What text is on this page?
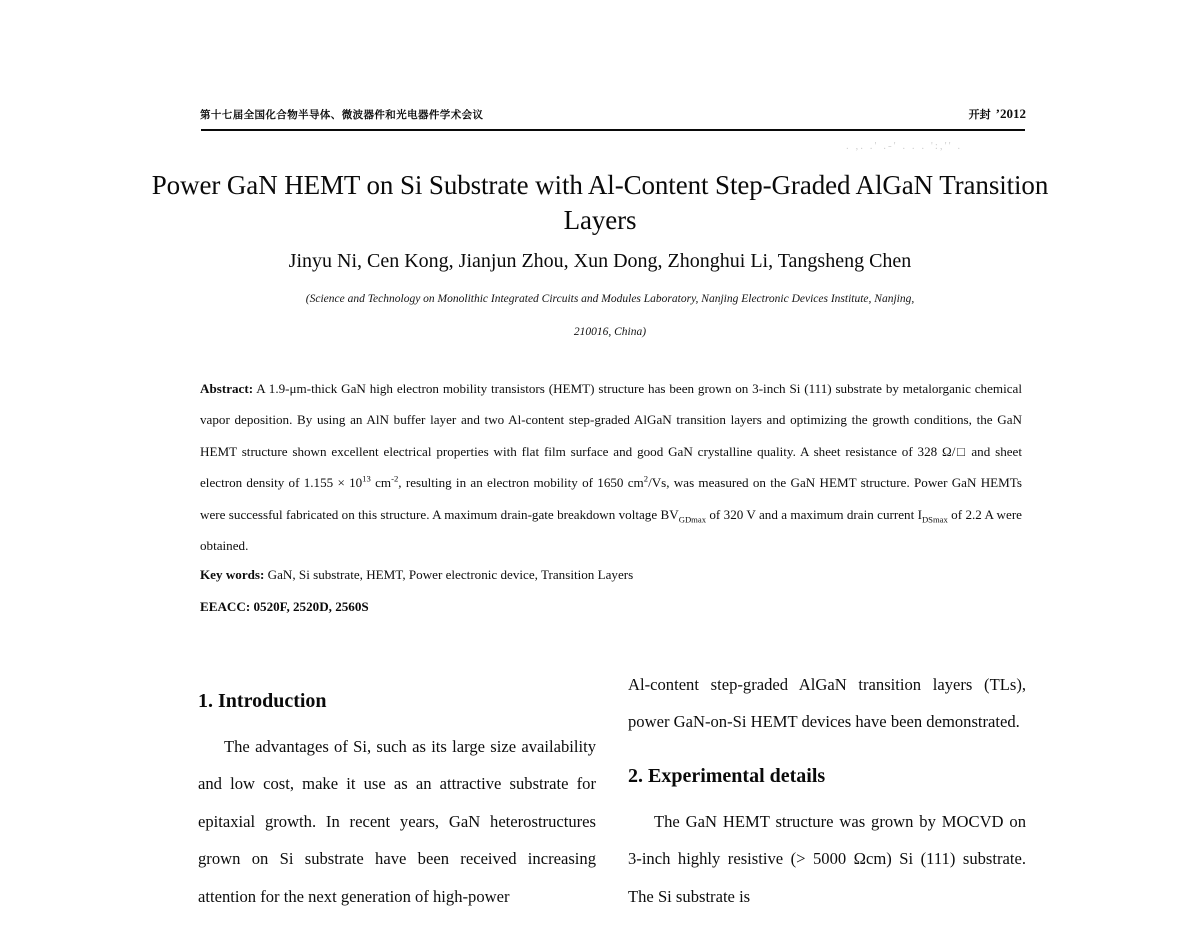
第十七届全国化合物半导体、微波器件和光电器件学术会议	开封 ’2012
. ,. .' .-' . . . ':,'' .
Power GaN HEMT on Si Substrate with Al-Content Step-Graded AlGaN Transition Layers
Jinyu Ni, Cen Kong, Jianjun Zhou, Xun Dong, Zhonghui Li, Tangsheng Chen
(Science and Technology on Monolithic Integrated Circuits and Modules Laboratory, Nanjing Electronic Devices Institute, Nanjing,
210016, China)
Abstract: A 1.9-μm-thick GaN high electron mobility transistors (HEMT) structure has been grown on 3-inch Si (111) substrate by metalorganic chemical vapor deposition. By using an AlN buffer layer and two Al-content step-graded AlGaN transition layers and optimizing the growth conditions, the GaN HEMT structure shown excellent electrical properties with flat film surface and good GaN crystalline quality. A sheet resistance of 328 Ω/□ and sheet electron density of $1.155 \times 10^{13}$ $cm^{-2}$, resulting in an electron mobility of 1650 $cm^2/Vs$, was measured on the GaN HEMT structure. Power GaN HEMTs were successful fabricated on this structure. A maximum drain-gate breakdown voltage $BV_{GDmax}$ of 320 V and a maximum drain current $I_{DSmax}$ of 2.2 A were obtained.
Key words: GaN, Si substrate, HEMT, Power electronic device, Transition Layers
EEACC: 0520F, 2520D, 2560S
1. Introduction

The advantages of Si, such as its large size availability and low cost, make it use as an attractive substrate for epitaxial growth. In recent years, GaN heterostructures grown on Si substrate have been received increasing attention for the next generation of high-power

Al-content step-graded AlGaN transition layers (TLs), power GaN-on-Si HEMT devices have been demonstrated.

2. Experimental details

The GaN HEMT structure was grown by MOCVD on 3-inch highly resistive (> 5000 Ωcm) Si (111) substrate. The Si substrate is
